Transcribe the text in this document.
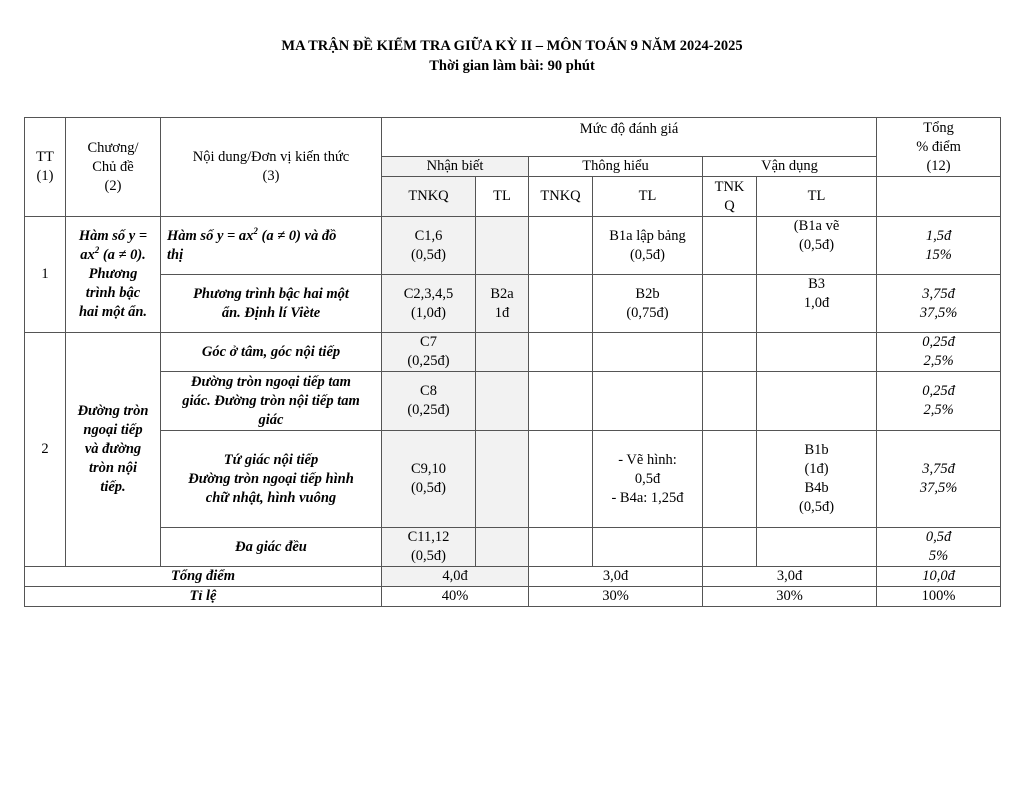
MA TRẬN ĐỀ KIỂM TRA GIỮA KỲ II – MÔN TOÁN 9 NĂM 2024-2025
Thời gian làm bài: 90 phút
TT
(1)	Chương/
Chủ đề
(2)	Nội dung/Đơn vị kiến thức
(3)	Mức độ đánh giá						Tổng
% điểm
(12)
			Nhận biết		Thông hiểu		Vận dụng		
			TNKQ	TL	TNKQ	TL	TNK
Q	TL	
1	Hàm số y =
$ax^2$ (a ≠ 0).
Phương
trình bậc
hai một ẩn.	Hàm số $y = ax^2$ (a ≠ 0) và đồ
thị	C1,6
(0,5đ)			B1a lập bảng
(0,5đ)		(B1a vẽ
(0,5đ)	1,5đ
15%
		Phương trình bậc hai một
ẩn. Định lí Viète	C2,3,4,5
(1,0đ)	B2a
1đ		B2b
(0,75đ)		B3
1,0đ	3,75đ
37,5%
2	Đường tròn
ngoại tiếp
và đường
tròn nội
tiếp.	Góc ở tâm, góc nội tiếp	C7
(0,25đ)						0,25đ
2,5%
		Đường tròn ngoại tiếp tam
giác. Đường tròn nội tiếp tam
giác	C8
(0,25đ)						0,25đ
2,5%
		Tứ giác nội tiếp
Đường tròn ngoại tiếp hình
chữ nhật, hình vuông	C9,10
(0,5đ)			- Vẽ hình:
0,5đ
- B4a: 1,25đ		B1b
(1đ)
B4b
(0,5đ)	3,75đ
37,5%
		Đa giác đều	C11,12
(0,5đ)						0,5đ
5%
Tổng điểm			4,0đ		3,0đ		3,0đ		10,0đ
Tỉ lệ			40%		30%		30%		100%
